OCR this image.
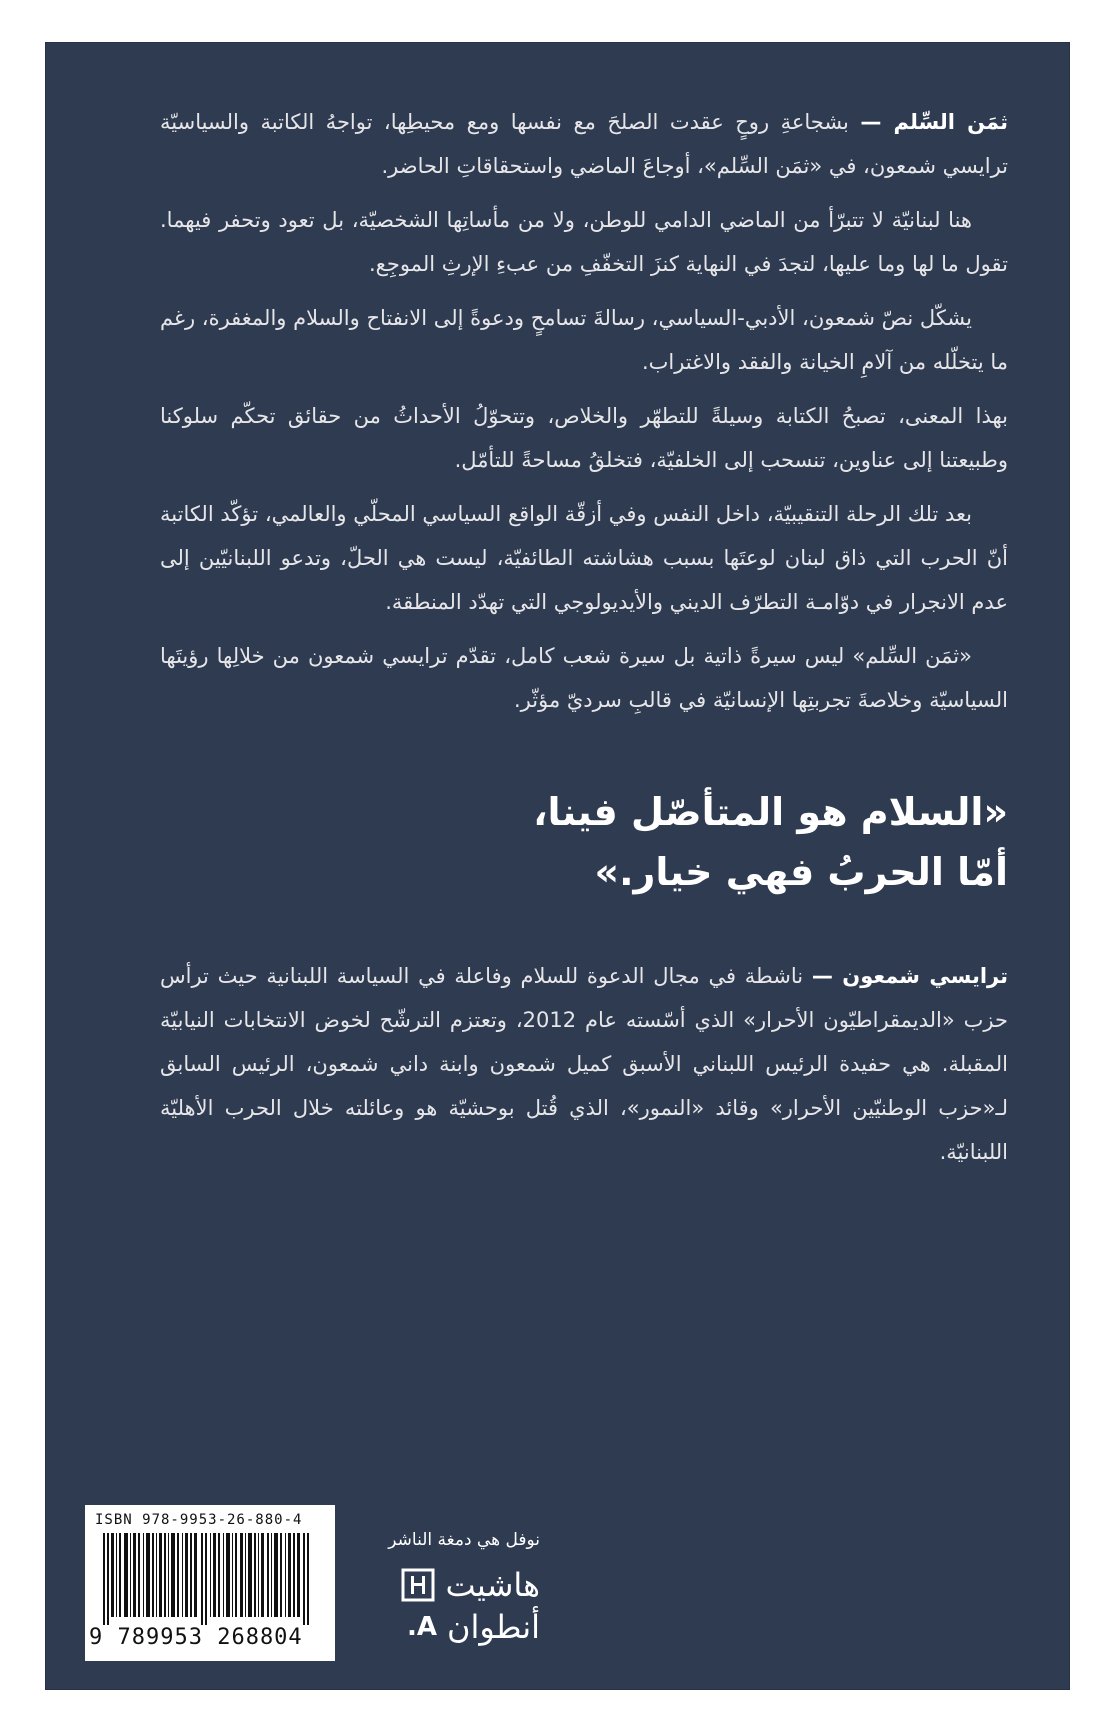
ثمَن السِّلم — بشجاعةِ روحٍ عقدت الصلحَ مع نفسها ومع محيطِها، تواجهُ الكاتبة والسياسيّة ترايسي شمعون، في «ثمَن السِّلم»، أوجاعَ الماضي واستحقاقاتِ الحاضر.

هنا لبنانيّة لا تتبرّأ من الماضي الدامي للوطن، ولا من مأساتِها الشخصيّة، بل تعود وتحفر فيهما. تقول ما لها وما عليها، لتجدَ في النهاية كنزَ التخفّفِ من عبءِ الإرثِ الموجِع.

يشكّل نصّ شمعون، الأدبي-السياسي، رسالةَ تسامحٍ ودعوةً إلى الانفتاح والسلام والمغفرة، رغم ما يتخلّله من آلامِ الخيانة والفقد والاغتراب.

بهذا المعنى، تصبحُ الكتابة وسيلةً للتطهّر والخلاص، وتتحوّلُ الأحداثُ من حقائق تحكّم سلوكنا وطبيعتنا إلى عناوين، تنسحب إلى الخلفيّة، فتخلقُ مساحةً للتأمّل.

بعد تلك الرحلة التنقيبيّة، داخل النفس وفي أزقّة الواقع السياسي المحلّي والعالمي، تؤكّد الكاتبة أنّ الحرب التي ذاق لبنان لوعتَها بسبب هشاشته الطائفيّة، ليست هي الحلّ، وتدعو اللبنانيّين إلى عدم الانجرار في دوّامـة التطرّف الديني والأيديولوجي التي تهدّد المنطقة.

«ثمَن السِّلم» ليس سيرةً ذاتية بل سيرة شعب كامل، تقدّم ترايسي شمعون من خلالِها رؤيتَها السياسيّة وخلاصةَ تجربتِها الإنسانيّة في قالبِ سرديّ مؤثّر.

«السلام هو المتأصّل فينا،
أمّا الحربُ فهي خيار.»

ترايسي شمعون — ناشطة في مجال الدعوة للسلام وفاعلة في السياسة اللبنانية حيث ترأس حزب «الديمقراطيّون الأحرار» الذي أسّسته عام 2012، وتعتزم الترشّح لخوض الانتخابات النيابيّة المقبلة. هي حفيدة الرئيس اللبناني الأسبق كميل شمعون وابنة داني شمعون، الرئيس السابق لـ«حزب الوطنيّين الأحرار» وقائد «النمور»، الذي قُتل بوحشيّة هو وعائلته خلال الحرب الأهليّة اللبنانيّة.

ISBN 978-9953-26-880-4
9 789953 268804
نوفل هي دمغة الناشر
هاشيت
أنطوان
A.
